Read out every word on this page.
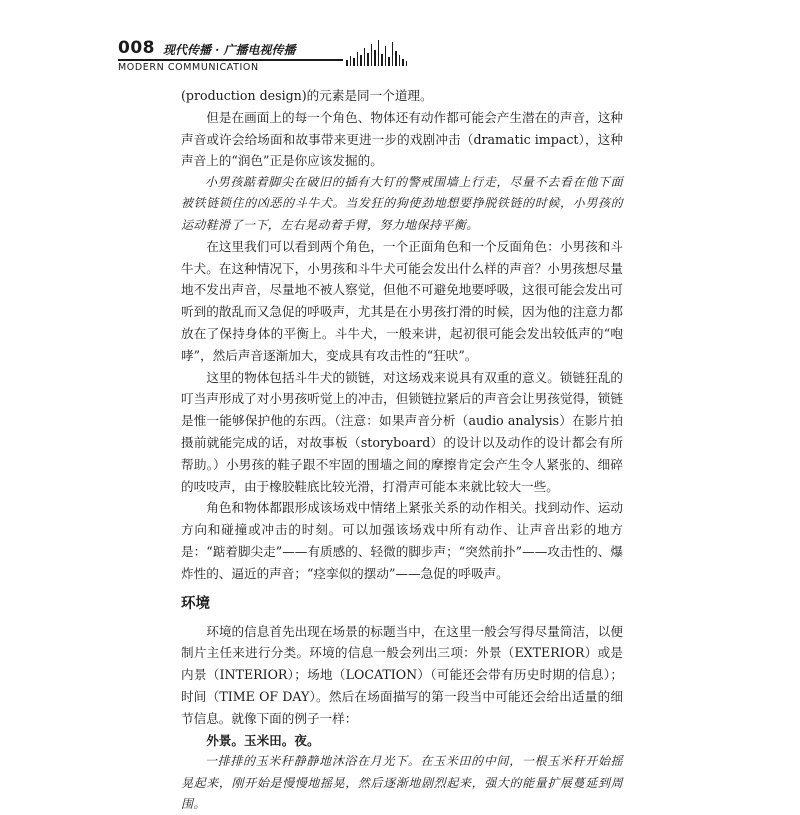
008 现代传播 · 广播电视传播
MODERN COMMUNICATION

(production design)的元素是同一个道理。

但是在画面上的每一个角色、物体还有动作都可能会产生潜在的声音，这种声音或许会给场面和故事带来更进一步的戏剧冲击（dramatic impact），这种声音上的“润色”正是你应该发掘的。

小男孩踮着脚尖在破旧的插有大钉的警戒围墙上行走，尽量不去看在他下面被铁链锁住的凶恶的斗牛犬。当发狂的狗使劲地想要挣脱铁链的时候，小男孩的运动鞋滑了一下，左右晃动着手臂，努力地保持平衡。

在这里我们可以看到两个角色，一个正面角色和一个反面角色：小男孩和斗牛犬。在这种情况下，小男孩和斗牛犬可能会发出什么样的声音？小男孩想尽量地不发出声音，尽量地不被人察觉，但他不可避免地要呼吸，这很可能会发出可听到的散乱而又急促的呼吸声，尤其是在小男孩打滑的时候，因为他的注意力都放在了保持身体的平衡上。斗牛犬，一般来讲，起初很可能会发出较低声的“咆哮”，然后声音逐渐加大，变成具有攻击性的“狂吠”。

这里的物体包括斗牛犬的锁链，对这场戏来说具有双重的意义。锁链狂乱的叮当声形成了对小男孩听觉上的冲击，但锁链拉紧后的声音会让男孩觉得，锁链是惟一能够保护他的东西。（注意：如果声音分析（audio analysis）在影片拍摄前就能完成的话，对故事板（storyboard）的设计以及动作的设计都会有所帮助。）小男孩的鞋子跟不牢固的围墙之间的摩擦肯定会产生令人紧张的、细碎的吱吱声，由于橡胶鞋底比较光滑，打滑声可能本来就比较大一些。

角色和物体都跟形成该场戏中情绪上紧张关系的动作相关。找到动作、运动方向和碰撞或冲击的时刻。可以加强该场戏中所有动作、让声音出彩的地方是：“踮着脚尖走”——有质感的、轻微的脚步声；“突然前扑”——攻击性的、爆炸性的、逼近的声音；“痉挛似的摆动”——急促的呼吸声。

环境

环境的信息首先出现在场景的标题当中，在这里一般会写得尽量简洁，以便制片主任来进行分类。环境的信息一般会列出三项：外景（EXTERIOR）或是内景（INTERIOR）；场地（LOCATION）（可能还会带有历史时期的信息）；时间（TIME OF DAY）。然后在场面描写的第一段当中可能还会给出适量的细节信息。就像下面的例子一样：

外景。玉米田。夜。

一排排的玉米秆静静地沐浴在月光下。在玉米田的中间，一根玉米秆开始摇晃起来，刚开始是慢慢地摇晃，然后逐渐地剧烈起来，强大的能量扩展蔓延到周围。
